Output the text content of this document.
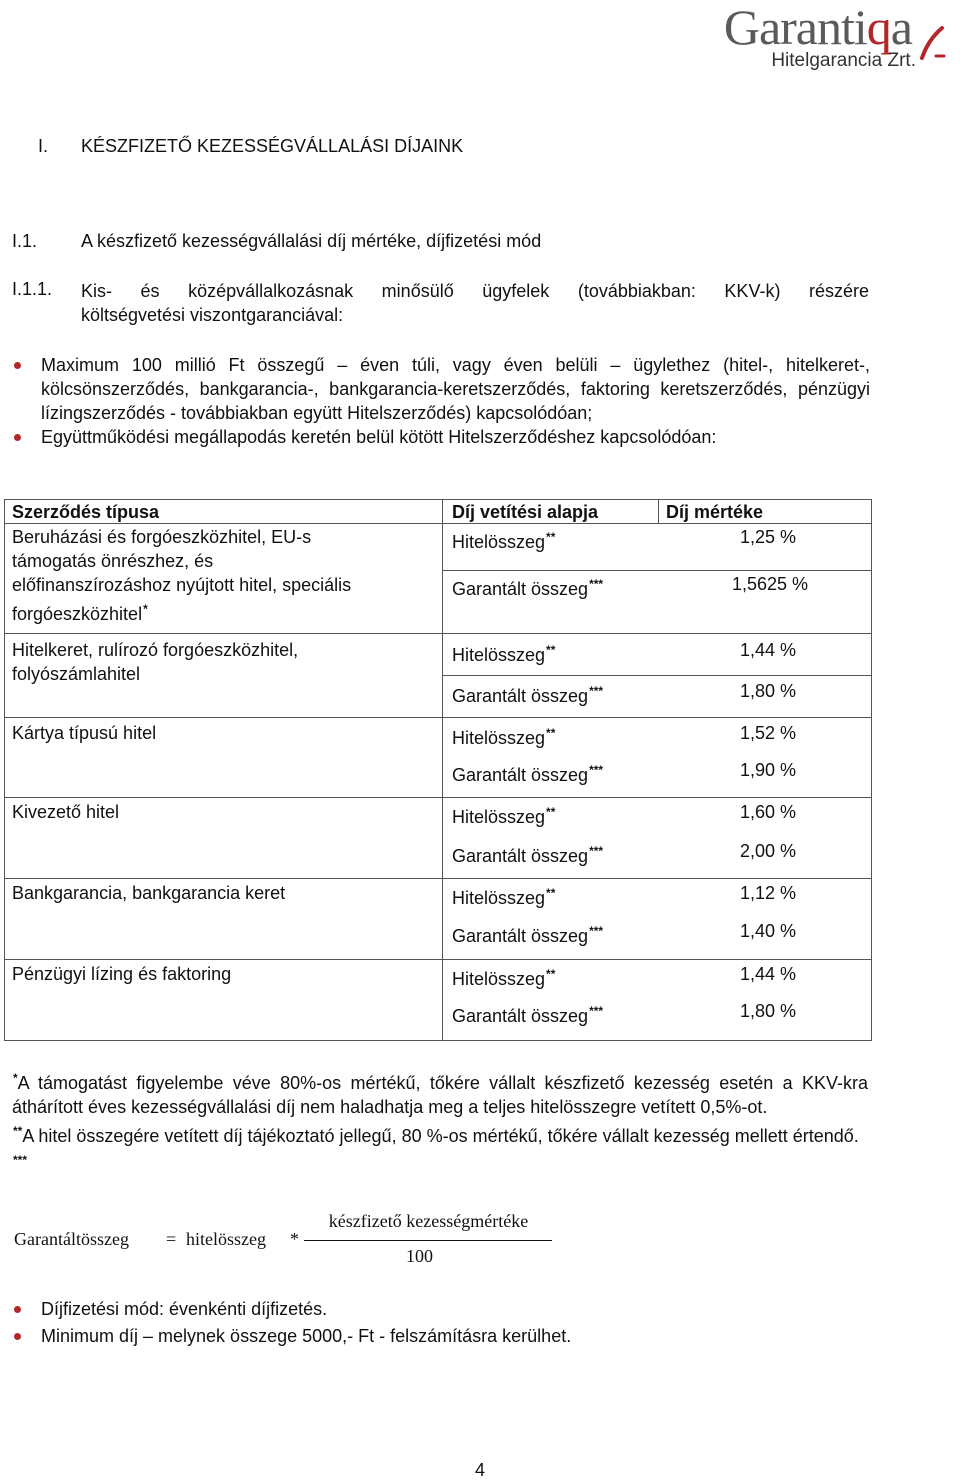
Garantiqa
Hitelgarancia Zrt.
I. KÉSZFIZETŐ KEZESSÉGVÁLLALÁSI DÍJAINK
I.1. A készfizető kezességvállalási díj mértéke, díjfizetési mód
I.1.1. Kis- és középvállalkozásnak minősülő ügyfelek (továbbiakban: KKV-k) részére

költségvetési viszontgaranciával:

Maximum 100 millió Ft összegű – éven túli, vagy éven belüli – ügylethez (hitel-, hitelkeret-, kölcsönszerződés, bankgarancia-, bankgarancia-keretszerződés, faktoring keretszerződés, pénzügyi lízingszerződés - továbbiakban együtt Hitelszerződés) kapcsolódóan;
Együttműködési megállapodás keretén belül kötött Hitelszerződéshez kapcsolódóan:
Szerződés típusa	Díj vetítési alapja	Díj mértéke
Beruházási és forgóeszközhitel, EU-s
támogatás önrészhez, és
előfinanszírozáshoz nyújtott hitel, speciális
forgóeszközhitel*
Hitelösszeg**	1,25 %
Garantált összeg***	1,5625 %
Hitelkeret, rulírozó forgóeszközhitel,
folyószámlahitel
Hitelösszeg**	1,44 %
Garantált összeg***	1,80 %
Kártya típusú hitel	Hitelösszeg**	1,52 %
Garantált összeg***	1,90 %
Kivezető hitel	Hitelösszeg**	1,60 %
Garantált összeg***	2,00 %
Bankgarancia, bankgarancia keret	Hitelösszeg**	1,12 %
Garantált összeg***	1,40 %
Pénzügyi lízing és faktoring	Hitelösszeg**	1,44 %
Garantált összeg***	1,80 %

*A támogatást figyelembe véve 80%-os mértékű, tőkére vállalt készfizető kezesség esetén a KKV-kra áthárított éves kezességvállalási díj nem haladhatja meg a teljes hitelösszegre vetített 0,5%-ot.

**A hitel összegére vetített díj tájékoztató jellegű, 80 %-os mértékű, tőkére vállalt kezesség mellett értendő.

***

Garantáltösszeg = hitelösszeg *
készfizető kezességmértéke
100
Díjfizetési mód: évenkénti díjfizetés.
Minimum díj – melynek összege 5000,- Ft - felszámításra kerülhet.
4
